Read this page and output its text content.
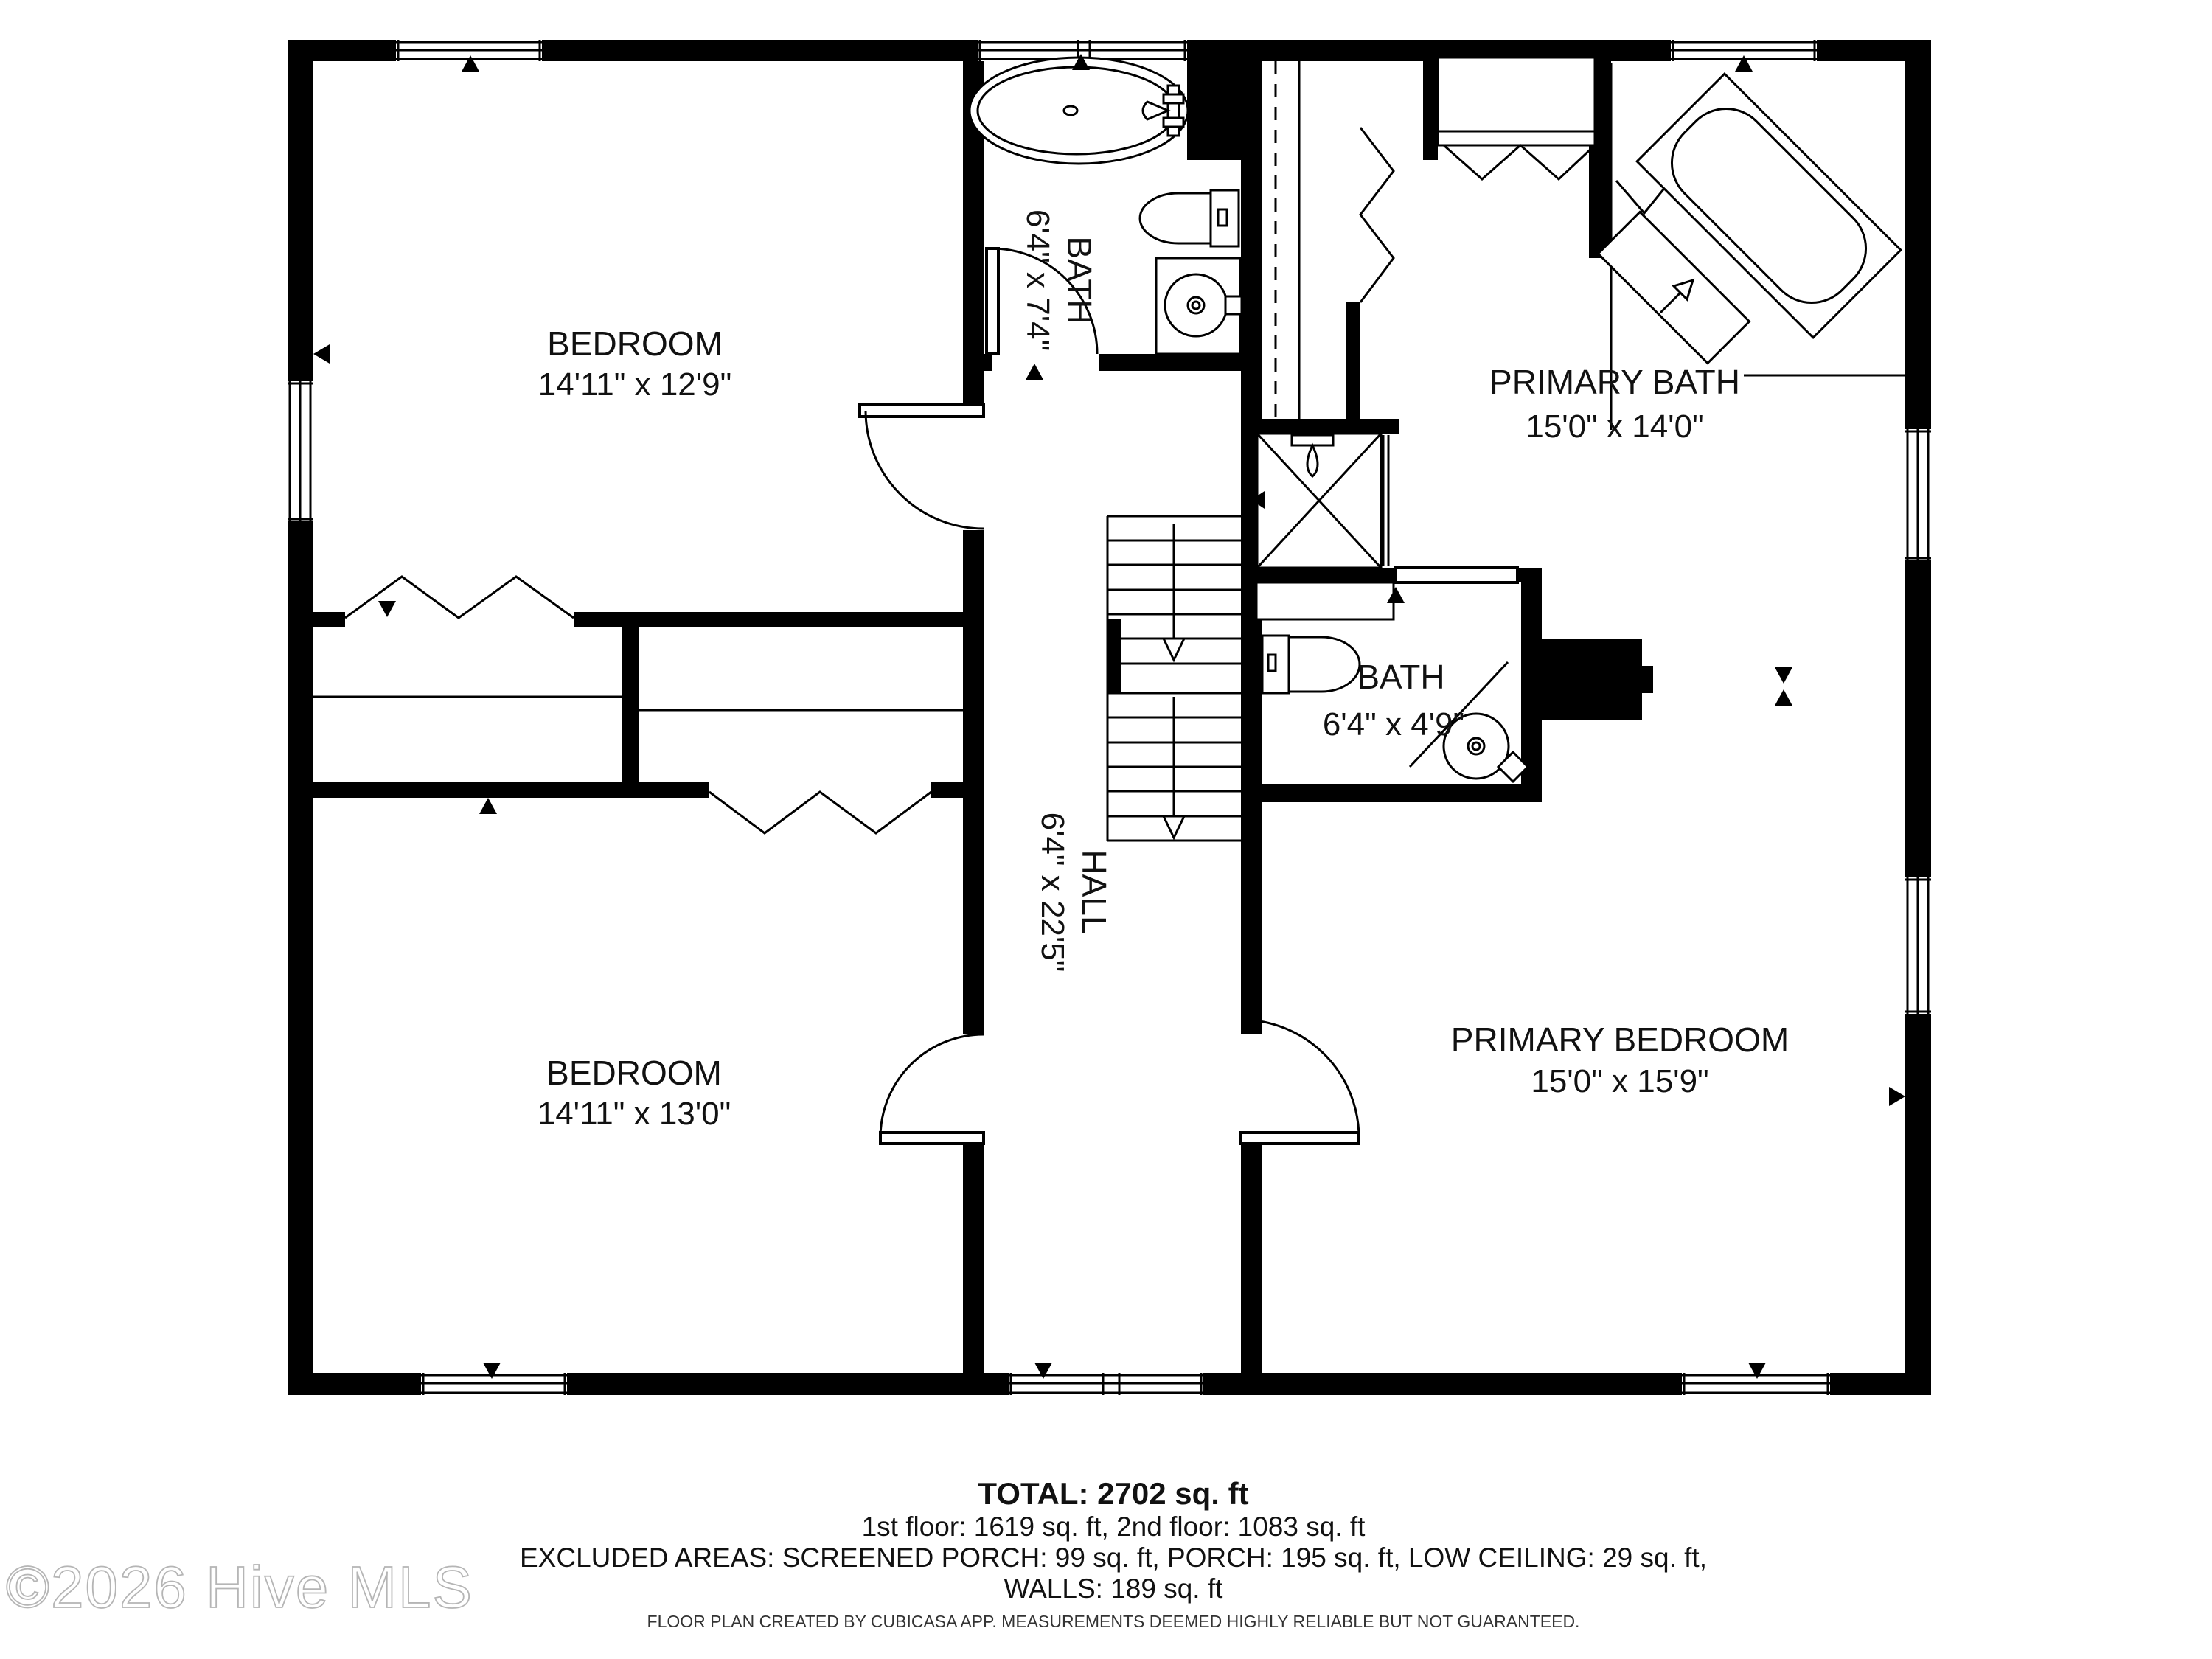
BEDROOM
14'11" x 12'9"
BATH
6'4" x 7'4"
PRIMARY BATH
15'0" x 14'0"
BATH
6'4" x 4'9"
HALL
6'4" x 22'5"
BEDROOM
14'11" x 13'0"
PRIMARY BEDROOM
15'0" x 15'9"
TOTAL: 2702 sq. ft
1st floor: 1619 sq. ft, 2nd floor: 1083 sq. ft
EXCLUDED AREAS: SCREENED PORCH: 99 sq. ft, PORCH: 195 sq. ft, LOW CEILING: 29 sq. ft,
WALLS: 189 sq. ft
FLOOR PLAN CREATED BY CUBICASA APP. MEASUREMENTS DEEMED HIGHLY RELIABLE BUT NOT GUARANTEED.
©2026 Hive MLS
